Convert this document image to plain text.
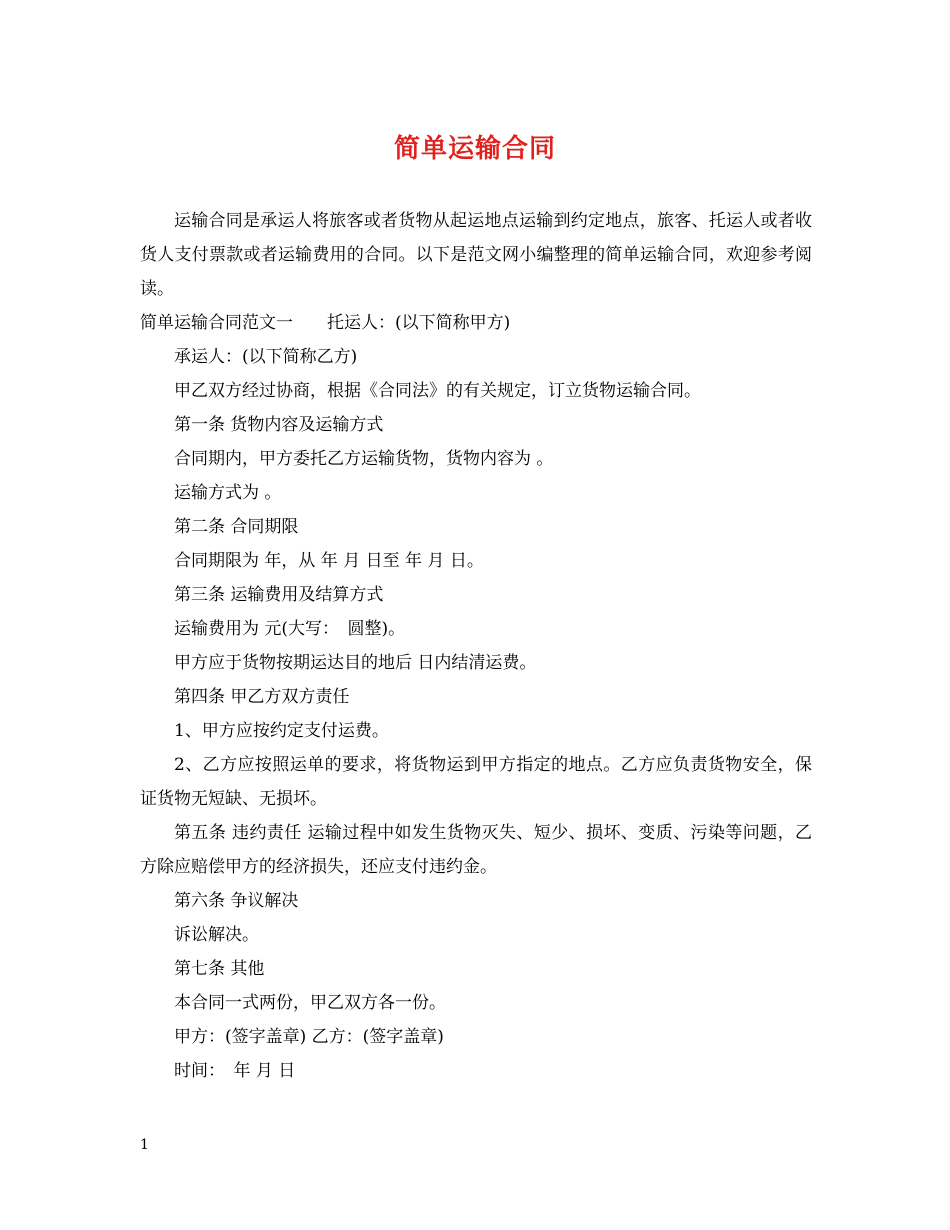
简单运输合同

运输合同是承运人将旅客或者货物从起运地点运输到约定地点，旅客、托运人或者收货人支付票款或者运输费用的合同。以下是范文网小编整理的简单运输合同，欢迎参考阅读。

简单运输合同范文一　　托运人：(以下简称甲方)

承运人：(以下简称乙方)

甲乙双方经过协商，根据《合同法》的有关规定，订立货物运输合同。

第一条 货物内容及运输方式

合同期内，甲方委托乙方运输货物，货物内容为 。

运输方式为 。

第二条 合同期限

合同期限为 年，从 年 月 日至 年 月 日。

第三条 运输费用及结算方式

运输费用为 元(大写：　圆整)。

甲方应于货物按期运达目的地后 日内结清运费。

第四条 甲乙方双方责任

1、甲方应按约定支付运费。

2、乙方应按照运单的要求，将货物运到甲方指定的地点。乙方应负责货物安全，保证货物无短缺、无损坏。

第五条 违约责任 运输过程中如发生货物灭失、短少、损坏、变质、污染等问题，乙方除应赔偿甲方的经济损失，还应支付违约金。

第六条 争议解决

诉讼解决。

第七条 其他

本合同一式两份，甲乙双方各一份。

甲方：(签字盖章) 乙方：(签字盖章)

时间：　年 月 日

1
